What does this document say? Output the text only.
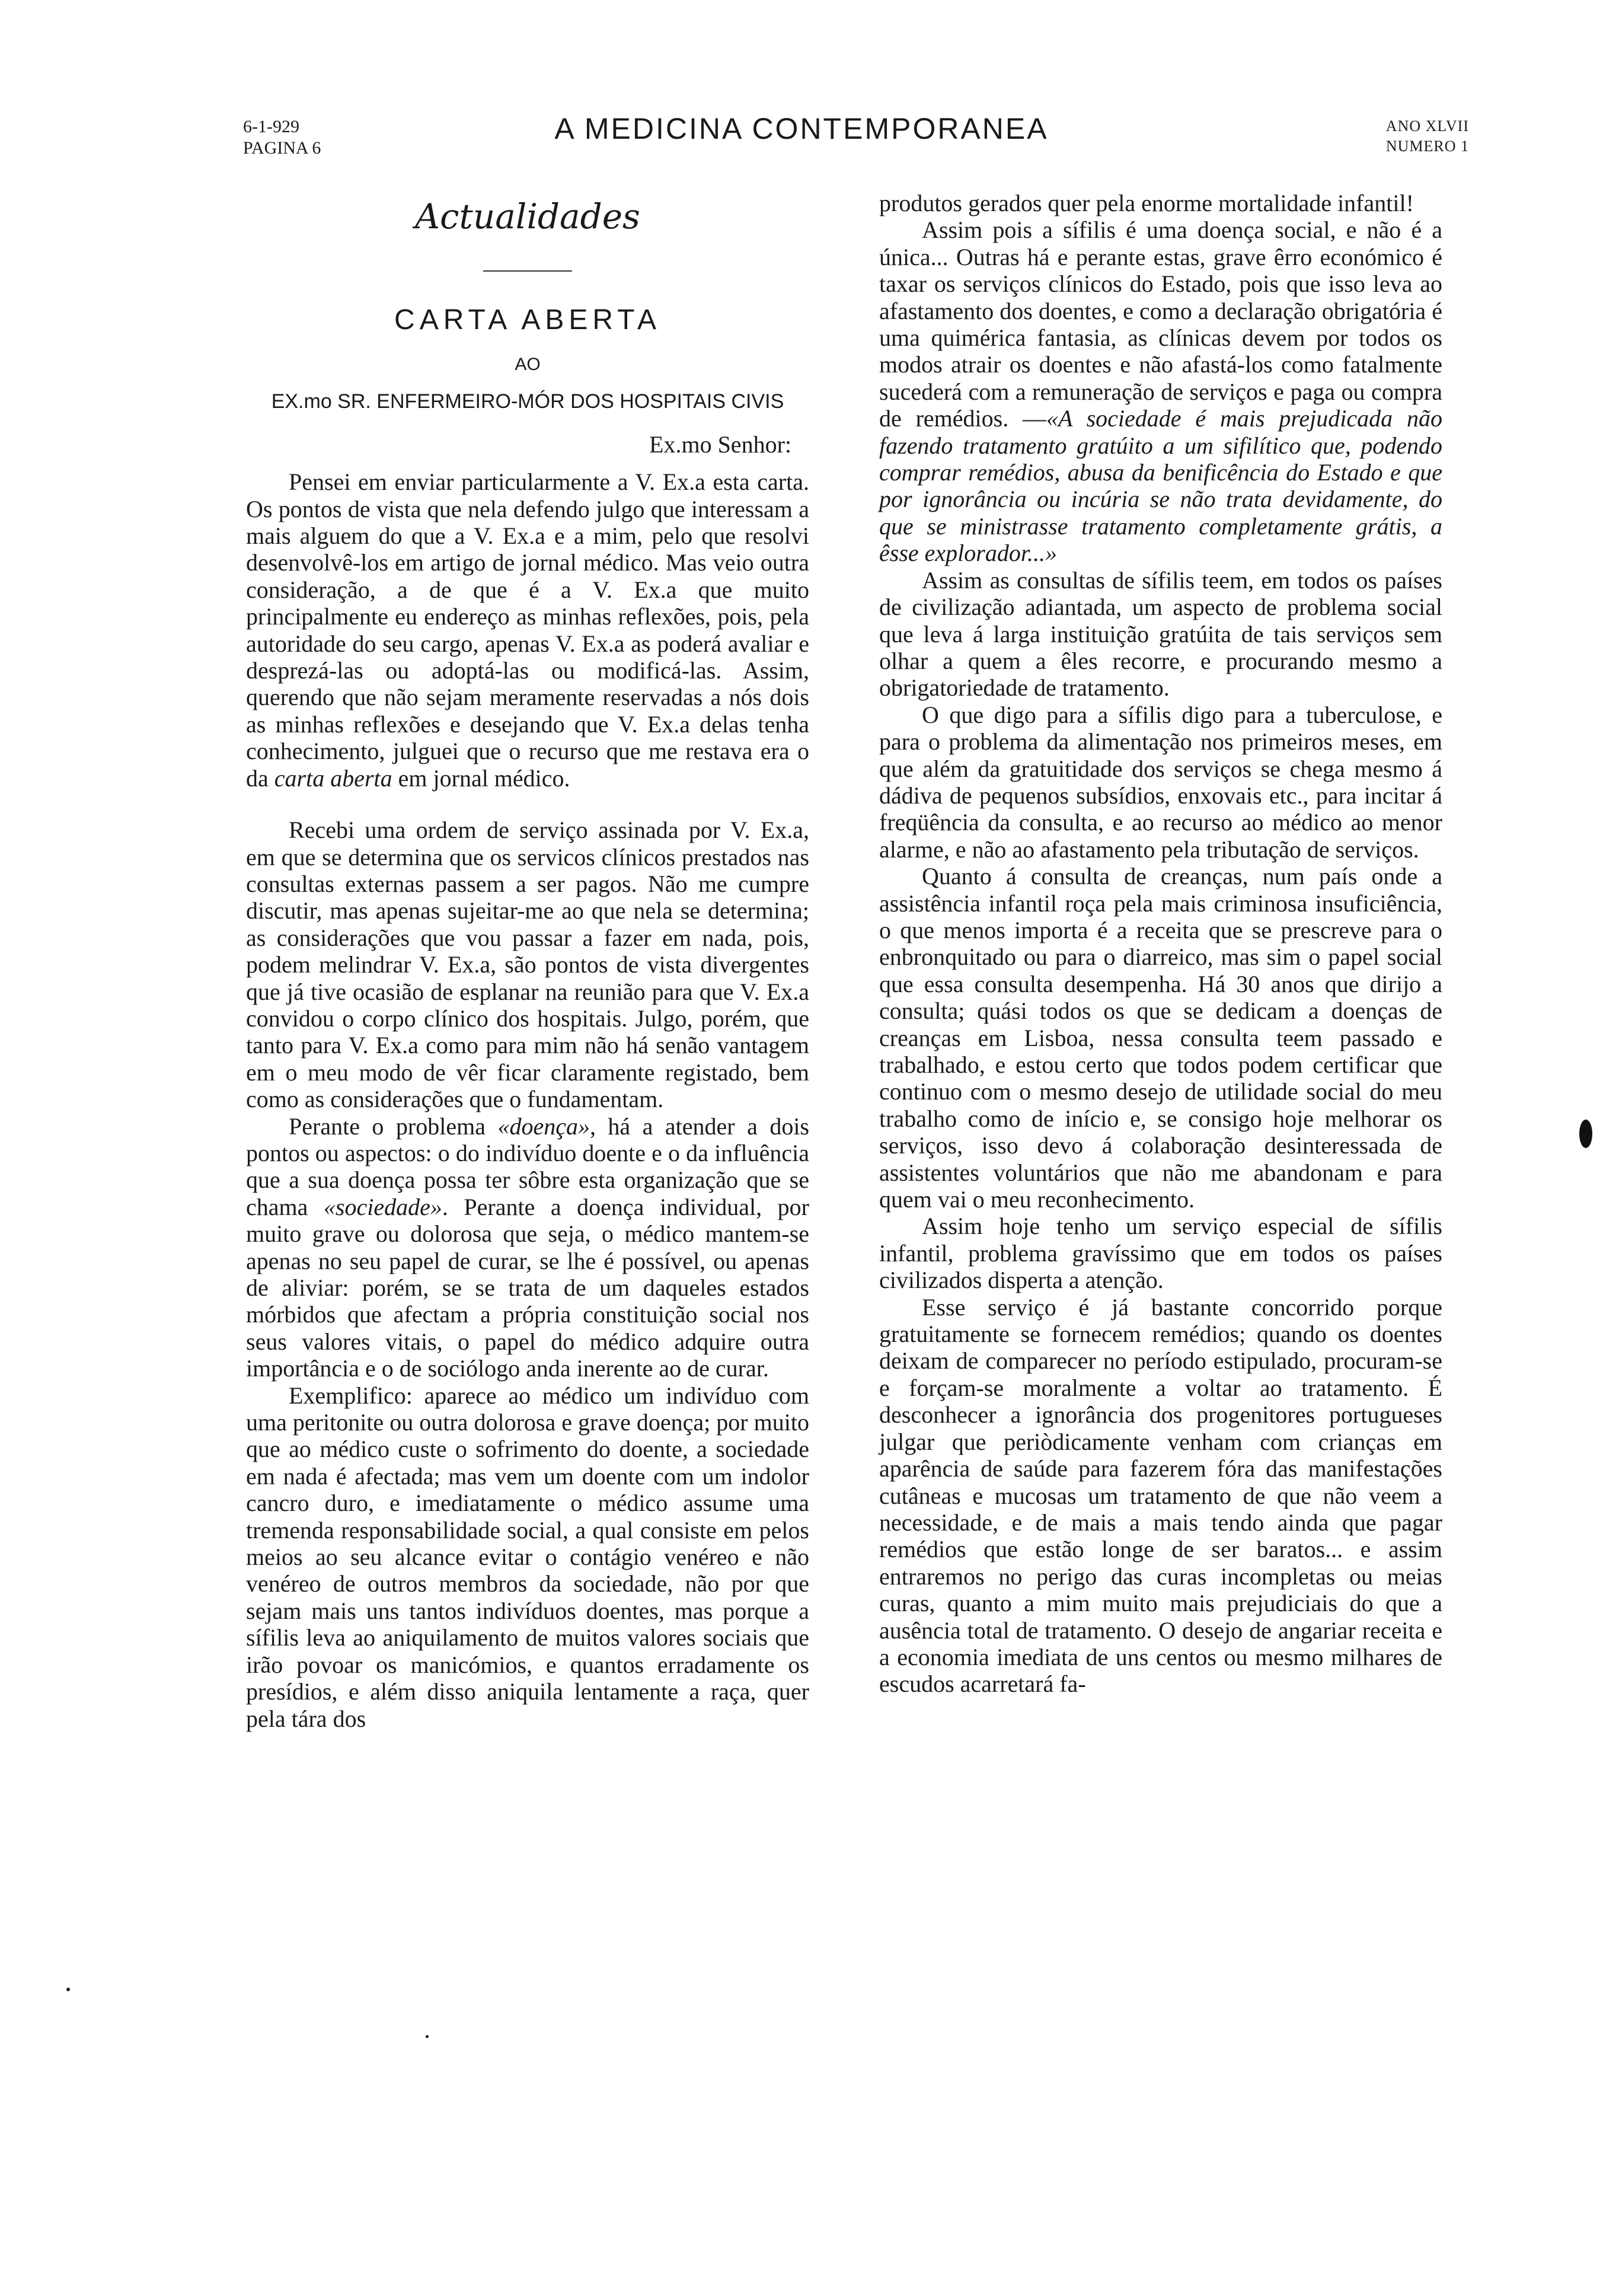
6-1-929
PAGINA 6
A MEDICINA CONTEMPORANEA	ANO XLVII
NUMERO 1
Actualidades
CARTA ABERTA
AO
EX.mo SR. ENFERMEIRO-MÓR DOS HOSPITAIS CIVIS
Ex.mo Senhor:

Pensei em enviar particularmente a V. Ex.a esta carta. Os pontos de vista que nela defendo julgo que interessam a mais alguem do que a V. Ex.a e a mim, pelo que resolvi desenvolvê-los em artigo de jornal médico. Mas veio outra consideração, a de que é a V. Ex.a que muito principalmente eu endereço as minhas reflexões, pois, pela autoridade do seu cargo, apenas V. Ex.a as poderá avaliar e desprezá-las ou adoptá-las ou modificá-las. Assim, querendo que não sejam meramente reservadas a nós dois as minhas reflexões e desejando que V. Ex.a delas tenha conhecimento, julguei que o recurso que me restava era o da carta aberta em jornal médico.

Recebi uma ordem de serviço assinada por V. Ex.a, em que se determina que os servicos clínicos prestados nas consultas externas passem a ser pagos. Não me cumpre discutir, mas apenas sujeitar-me ao que nela se determina; as considerações que vou passar a fazer em nada, pois, podem melindrar V. Ex.a, são pontos de vista divergentes que já tive ocasião de esplanar na reunião para que V. Ex.a convidou o corpo clínico dos hospitais. Julgo, porém, que tanto para V. Ex.a como para mim não há senão vantagem em o meu modo de vêr ficar claramente registado, bem como as considerações que o fundamentam.

Perante o problema «doença», há a atender a dois pontos ou aspectos: o do indivíduo doente e o da influência que a sua doença possa ter sôbre esta organização que se chama «sociedade». Perante a doença individual, por muito grave ou dolorosa que seja, o médico mantem-se apenas no seu papel de curar, se lhe é possível, ou apenas de aliviar: porém, se se trata de um daqueles estados mórbidos que afectam a própria constituição social nos seus valores vitais, o papel do médico adquire outra importância e o de sociólogo anda inerente ao de curar.

Exemplifico: aparece ao médico um indivíduo com uma peritonite ou outra dolorosa e grave doença; por muito que ao médico custe o sofrimento do doente, a sociedade em nada é afectada; mas vem um doente com um indolor cancro duro, e imediatamente o médico assume uma tremenda responsabilidade social, a qual consiste em pelos meios ao seu alcance evitar o contágio venéreo e não venéreo de outros membros da sociedade, não por que sejam mais uns tantos indivíduos doentes, mas porque a sífilis leva ao aniquilamento de muitos valores sociais que irão povoar os manicómios, e quantos erradamente os presídios, e além disso aniquila lentamente a raça, quer pela tára dos

produtos gerados quer pela enorme mortalidade infantil!

Assim pois a sífilis é uma doença social, e não é a única... Outras há e perante estas, grave êrro económico é taxar os serviços clínicos do Estado, pois que isso leva ao afastamento dos doentes, e como a declaração obrigatória é uma quimérica fantasia, as clínicas devem por todos os modos atrair os doentes e não afastá-los como fatalmente sucederá com a remuneração de serviços e paga ou compra de remédios. —«A sociedade é mais prejudicada não fazendo tratamento gratúito a um sifilítico que, podendo comprar remédios, abusa da benificência do Estado e que por ignorância ou incúria se não trata devidamente, do que se ministrasse tratamento completamente grátis, a êsse explorador...»

Assim as consultas de sífilis teem, em todos os países de civilização adiantada, um aspecto de problema social que leva á larga instituição gratúita de tais serviços sem olhar a quem a êles recorre, e procurando mesmo a obrigatoriedade de tratamento.

O que digo para a sífilis digo para a tuberculose, e para o problema da alimentação nos primeiros meses, em que além da gratuitidade dos serviços se chega mesmo á dádiva de pequenos subsídios, enxovais etc., para incitar á freqüência da consulta, e ao recurso ao médico ao menor alarme, e não ao afastamento pela tributação de serviços.

Quanto á consulta de creanças, num país onde a assistência infantil roça pela mais criminosa insuficiência, o que menos importa é a receita que se prescreve para o enbronquitado ou para o diarreico, mas sim o papel social que essa consulta desempenha. Há 30 anos que dirijo a consulta; quási todos os que se dedicam a doenças de creanças em Lisboa, nessa consulta teem passado e trabalhado, e estou certo que todos podem certificar que continuo com o mesmo desejo de utilidade social do meu trabalho como de início e, se consigo hoje melhorar os serviços, isso devo á colaboração desinteressada de assistentes voluntários que não me abandonam e para quem vai o meu reconhecimento.

Assim hoje tenho um serviço especial de sífilis infantil, problema gravíssimo que em todos os países civilizados disperta a atenção.

Esse serviço é já bastante concorrido porque gratuitamente se fornecem remédios; quando os doentes deixam de comparecer no período estipulado, procuram-se e forçam-se moralmente a voltar ao tratamento. É desconhecer a ignorância dos progenitores portugueses julgar que periòdicamente venham com crianças em aparência de saúde para fazerem fóra das manifestações cutâneas e mucosas um tratamento de que não veem a necessidade, e de mais a mais tendo ainda que pagar remédios que estão longe de ser baratos... e assim entraremos no perigo das curas incompletas ou meias curas, quanto a mim muito mais prejudiciais do que a ausência total de tratamento. O desejo de angariar receita e a economia imediata de uns centos ou mesmo milhares de escudos acarretará fa-
